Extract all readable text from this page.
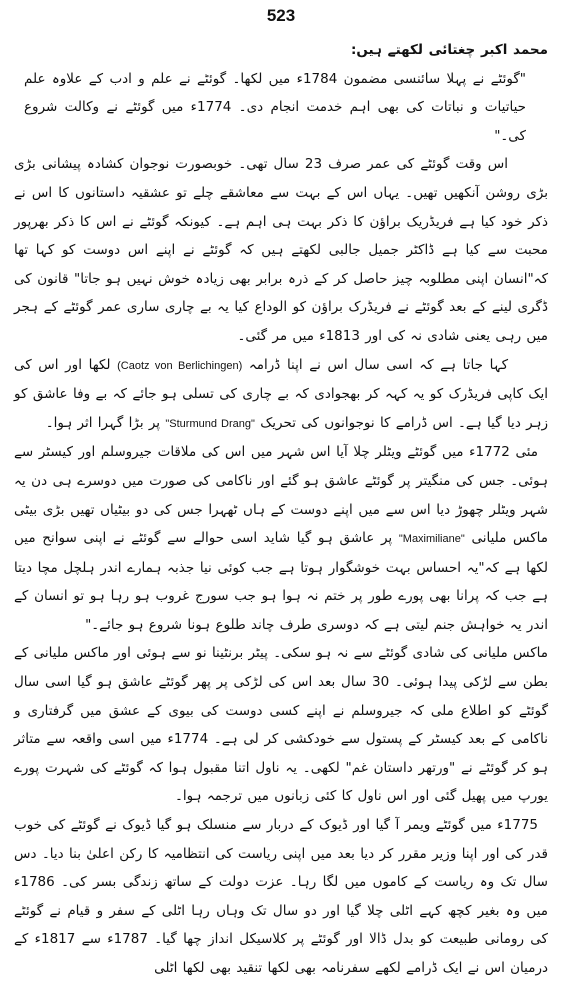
523

محمد اکبر چغتائی لکھتے ہیں:

"گوئٹے نے پہلا سائنسی مضمون 1784ء میں لکھا۔ گوئٹے نے علم و ادب کے علاوہ علم حیاتیات و نباتات کی بھی اہم خدمت انجام دی۔ 1774ء میں گوئٹے نے وکالت شروع کی۔"

اس وقت گوئٹے کی عمر صرف 23 سال تھی۔ خوبصورت نوجوان کشادہ پیشانی بڑی بڑی روشن آنکھیں تھیں۔ یہاں اس کے بہت سے معاشقے چلے تو عشقیہ داستانوں کا اس نے ذکر خود کیا ہے فریڈریک براؤن کا ذکر بہت ہی اہم ہے۔ کیونکہ گوئٹے نے اس کا ذکر بھرپور محبت سے کیا ہے ڈاکٹر جمیل جالبی لکھتے ہیں کہ گوئٹے نے اپنے اس دوست کو کہا تھا کہ"انسان اپنی مطلوبہ چیز حاصل کر کے ذرہ برابر بھی زیادہ خوش نہیں ہو جاتا" قانون کی ڈگری لینے کے بعد گوئٹے نے فریڈرک براؤن کو الوداع کیا یہ بے چاری ساری عمر گوئٹے کے ہجر میں رہی یعنی شادی نہ کی اور 1813ء میں مر گئی۔

کہا جاتا ہے کہ اسی سال اس نے اپنا ڈرامہ (Caotz von Berlichingen) لکھا اور اس کی ایک کاپی فریڈرک کو یہ کہہ کر بھجوادی کہ بے چاری کی تسلی ہو جائے کہ بے وفا عاشق کو زہر دیا گیا ہے۔ اس ڈرامے کا نوجوانوں کی تحریک "Sturmund Drang" پر بڑا گہرا اثر ہوا۔

مئی 1772ء میں گوئٹے ویٹلر چلا آیا اس شہر میں اس کی ملاقات جیروسلم اور کیسٹر سے ہوئی۔ جس کی منگیتر پر گوئٹے عاشق ہو گئے اور ناکامی کی صورت میں دوسرے ہی دن یہ شہر ویٹلر چھوڑ دیا اس سے میں اپنے دوست کے ہاں ٹھہرا جس کی دو بیٹیاں تھیں بڑی بیٹی ماکس ملیانی "Maximiliane" پر عاشق ہو گیا شاید اسی حوالے سے گوئٹے نے اپنی سوانح میں لکھا ہے کہ"یہ احساس بہت خوشگوار ہوتا ہے جب کوئی نیا جذبہ ہمارے اندر ہلچل مچا دیتا ہے جب کہ پرانا بھی پورے طور پر ختم نہ ہوا ہو جب سورج غروب ہو رہا ہو تو انسان کے اندر یہ خواہش جنم لیتی ہے کہ دوسری طرف چاند طلوع ہونا شروع ہو جائے۔"

ماکس ملیانی کی شادی گوئٹے سے نہ ہو سکی۔ پیٹر برنٹینا نو سے ہوئی اور ماکس ملیانی کے بطن سے لڑکی پیدا ہوئی۔ 30 سال بعد اس کی لڑکی پر پھر گوئٹے عاشق ہو گیا اسی سال گوئٹے کو اطلاع ملی کہ جیروسلم نے اپنے کسی دوست کی بیوی کے عشق میں گرفتاری و ناکامی کے بعد کیسٹر کے پستول سے خودکشی کر لی ہے۔ 1774ء میں اسی واقعہ سے متاثر ہو کر گوئٹے نے "ورتھر داستان غم" لکھی۔ یہ ناول اتنا مقبول ہوا کہ گوئٹے کی شہرت پورے یورپ میں پھیل گئی اور اس ناول کا کئی زبانوں میں ترجمہ ہوا۔

1775ء میں گوئٹے ویمر آ گیا اور ڈیوک کے دربار سے منسلک ہو گیا ڈیوک نے گوئٹے کی خوب قدر کی اور اپنا وزیر مقرر کر دیا بعد میں اپنی ریاست کی انتظامیہ کا رکن اعلیٰ بنا دیا۔ دس سال تک وہ ریاست کے کاموں میں لگا رہا۔ عزت دولت کے ساتھ زندگی بسر کی۔ 1786ء میں وہ بغیر کچھ کہے اٹلی چلا گیا اور دو سال تک وہاں رہا اٹلی کے سفر و قیام نے گوئٹے کی رومانی طبیعت کو بدل ڈالا اور گوئٹے پر کلاسیکل انداز چھا گیا۔ 1787ء سے 1817ء کے درمیان اس نے ایک ڈرامے لکھے سفرنامہ بھی لکھا تنقید بھی لکھا اٹلی
